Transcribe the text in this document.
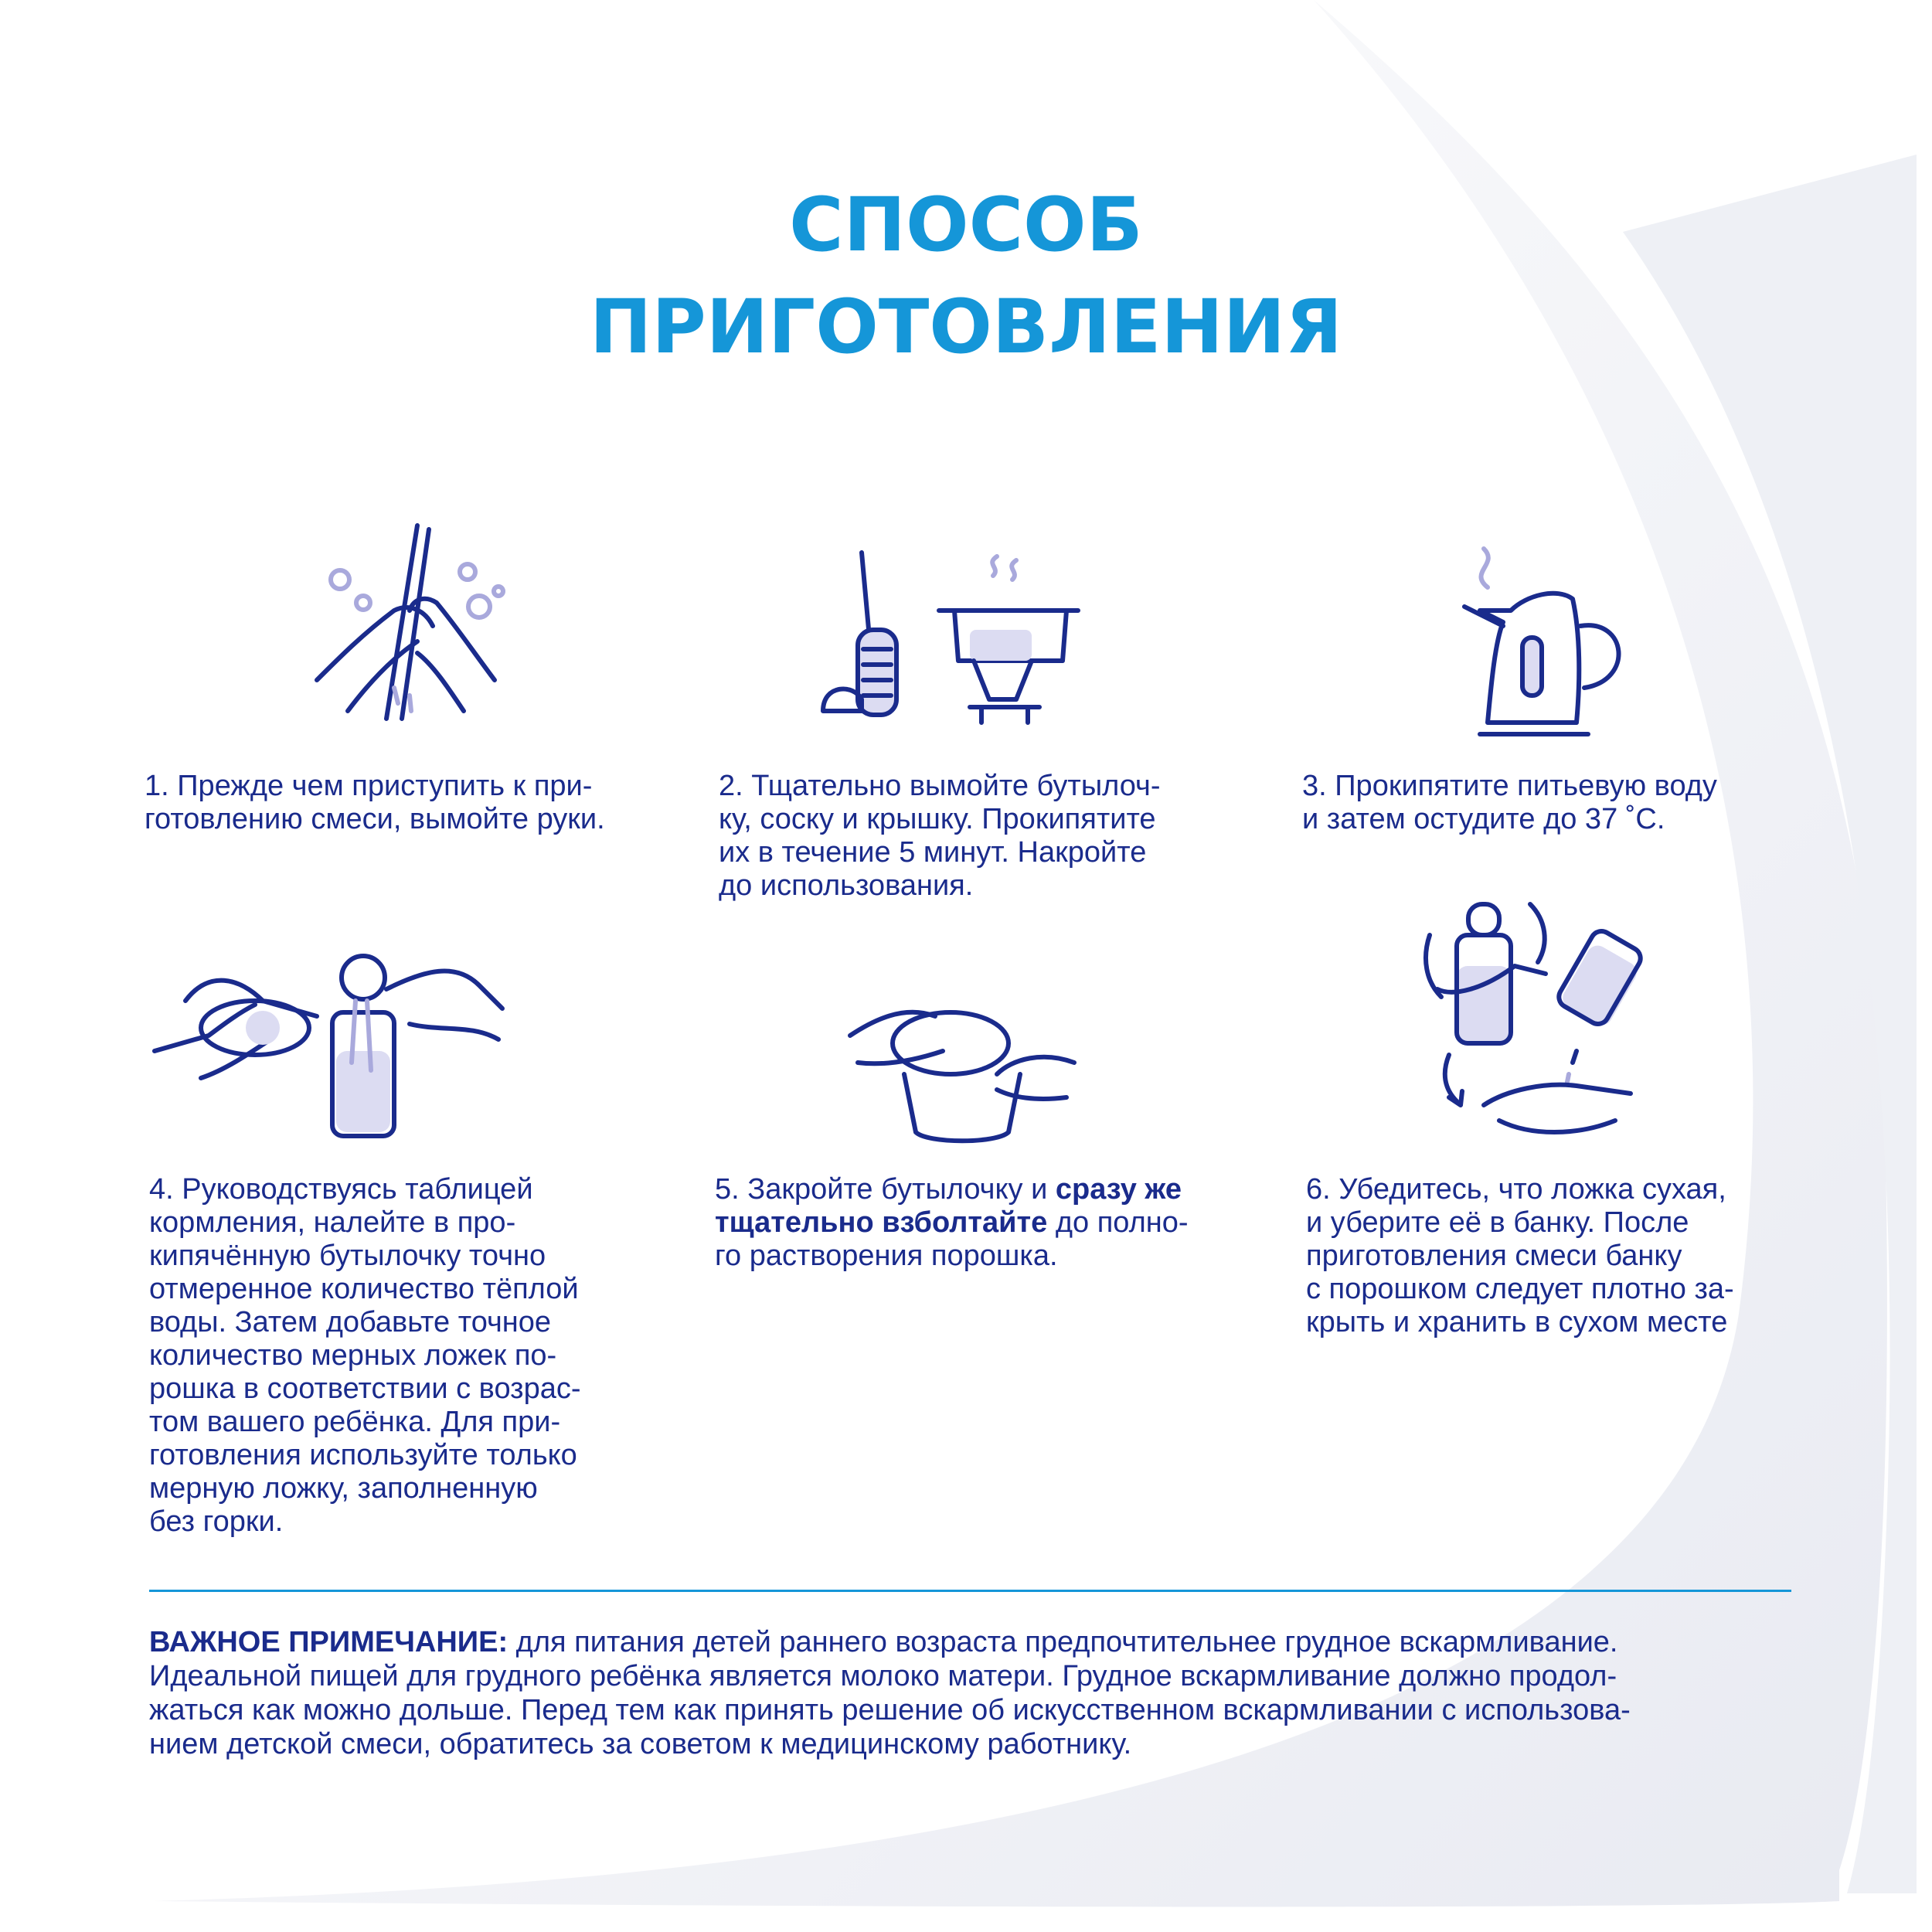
СПОСОБ
ПРИГОТОВЛЕНИЯ
1. Прежде чем приступить к при-
готовлению смеси, вымойте руки.
2. Тщательно вымойте бутылоч-
ку, соску и крышку. Прокипятите
их в течение 5 минут. Накройте
до использования.
3. Прокипятите питьевую воду
и затем остудите до 37 ˚С.
4. Руководствуясь таблицей
кормления, налейте в про-
кипячённую бутылочку точно
отмеренное количество тёплой
воды. Затем добавьте точное
количество мерных ложек по-
рошка в соответствии с возрас-
том вашего ребёнка. Для при-
готовления используйте только
мерную ложку, заполненную
без горки.
5. Закройте бутылочку и сразу же
тщательно взболтайте до полно-
го растворения порошка.
6. Убедитесь, что ложка сухая,
и уберите её в банку. После
приготовления смеси банку
с порошком следует плотно за-
крыть и хранить в сухом месте
ВАЖНОЕ ПРИМЕЧАНИЕ: для питания детей раннего возраста предпочтительнее грудное вскармливание.
Идеальной пищей для грудного ребёнка является молоко матери. Грудное вскармливание должно продол-
жаться как можно дольше. Перед тем как принять решение об искусственном вскармливании с использова-
нием детской смеси, обратитесь за советом к медицинскому работнику.
